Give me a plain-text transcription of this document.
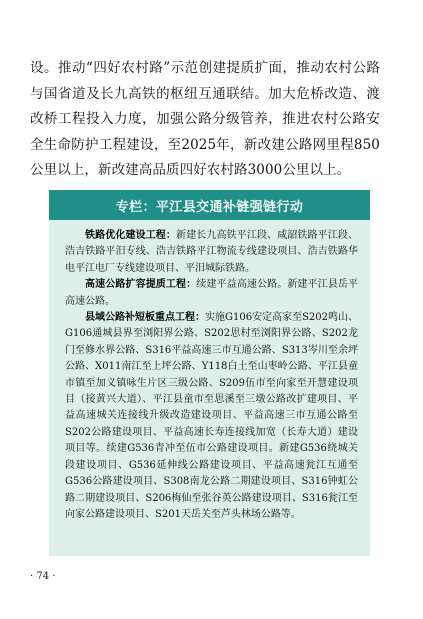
设。推动“四好农村路”示范创建提质扩面，推动农村公路与国省道及长九高铁的枢纽互通联结。加大危桥改造、渡改桥工程投入力度，加强公路分级管养，推进农村公路安全生命防护工程建设，至2025年，新改建公路网里程850公里以上，新改建高品质四好农村路3000公里以上。
专栏：平江县交通补链强链行动

铁路优化建设工程：新建长九高铁平江段、咸韶铁路平江段、浩吉铁路平汨专线、浩吉铁路平江物流专线建设项目、浩吉铁路华电平江电厂专线建设项目、平汨城际铁路。

高速公路扩容提质工程：续建平益高速公路。新建平江县岳平高速公路。

县域公路补短板重点工程：实施G106安定高家至S202鸣山、G106通城县界至浏阳界公路、S202思村至浏阳界公路、S202龙门至修水界公路、S316平益高速三市互通公路、S313岑川至余坪公路、X011南江至上坪公路、Y118白土至山枣岭公路、平江县童市镇至加义镇咏生片区三级公路、S209伍市至向家至开慧建设项目（接黄兴大道）、平江县童市至思溪至三墩公路改扩建项目、平益高速城关连接线升级改造建设项目、平益高速三市互通公路至S202公路建设项目、平益高速长寿连接线加宽（长寿大道）建设项目等。续建G536青冲至伍市公路建设项目。新建G536绕城关段建设项目、G536延伸线公路建设项目、平益高速瓮江互通至G536公路建设项目、S308南龙公路二期建设项目、S316钟虹公路二期建设项目、S206梅仙至张谷英公路建设项目、S316瓮江至向家公路建设项目、S201天岳关至芦头林场公路等。

· 74 ·
